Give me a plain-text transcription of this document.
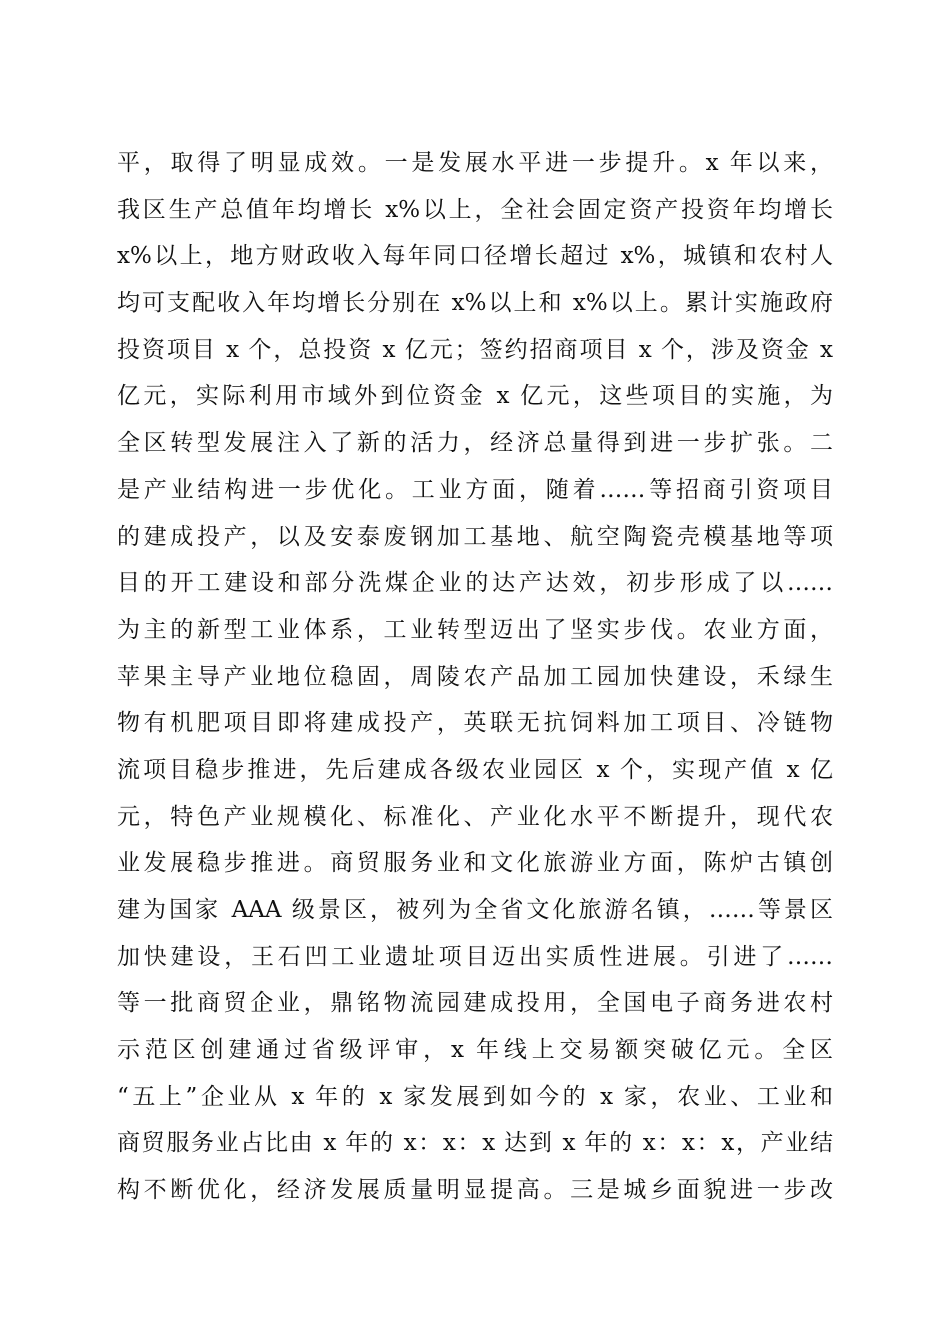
平，取得了明显成效。一是发展水平进一步提升。x 年以来，
我区生产总值年均增长 x%以上，全社会固定资产投资年均增长
x%以上，地方财政收入每年同口径增长超过 x%，城镇和农村人
均可支配收入年均增长分别在 x%以上和 x%以上。累计实施政府
投资项目 x 个，总投资 x 亿元；签约招商项目 x 个，涉及资金 x
亿元，实际利用市域外到位资金 x 亿元，这些项目的实施，为
全区转型发展注入了新的活力，经济总量得到进一步扩张。二
是产业结构进一步优化。工业方面，随着……等招商引资项目
的建成投产，以及安泰废钢加工基地、航空陶瓷壳模基地等项
目的开工建设和部分洗煤企业的达产达效，初步形成了以……
为主的新型工业体系，工业转型迈出了坚实步伐。农业方面，
苹果主导产业地位稳固，周陵农产品加工园加快建设，禾绿生
物有机肥项目即将建成投产，英联无抗饲料加工项目、冷链物
流项目稳步推进，先后建成各级农业园区 x 个，实现产值 x 亿
元，特色产业规模化、标准化、产业化水平不断提升，现代农
业发展稳步推进。商贸服务业和文化旅游业方面，陈炉古镇创
建为国家 AAA 级景区，被列为全省文化旅游名镇，……等景区
加快建设，王石凹工业遗址项目迈出实质性进展。引进了……
等一批商贸企业，鼎铭物流园建成投用，全国电子商务进农村
示范区创建通过省级评审，x 年线上交易额突破亿元。全区
“五上”企业从 x 年的 x 家发展到如今的 x 家，农业、工业和
商贸服务业占比由 x 年的 x：x：x 达到 x 年的 x：x：x，产业结
构不断优化，经济发展质量明显提高。三是城乡面貌进一步改
